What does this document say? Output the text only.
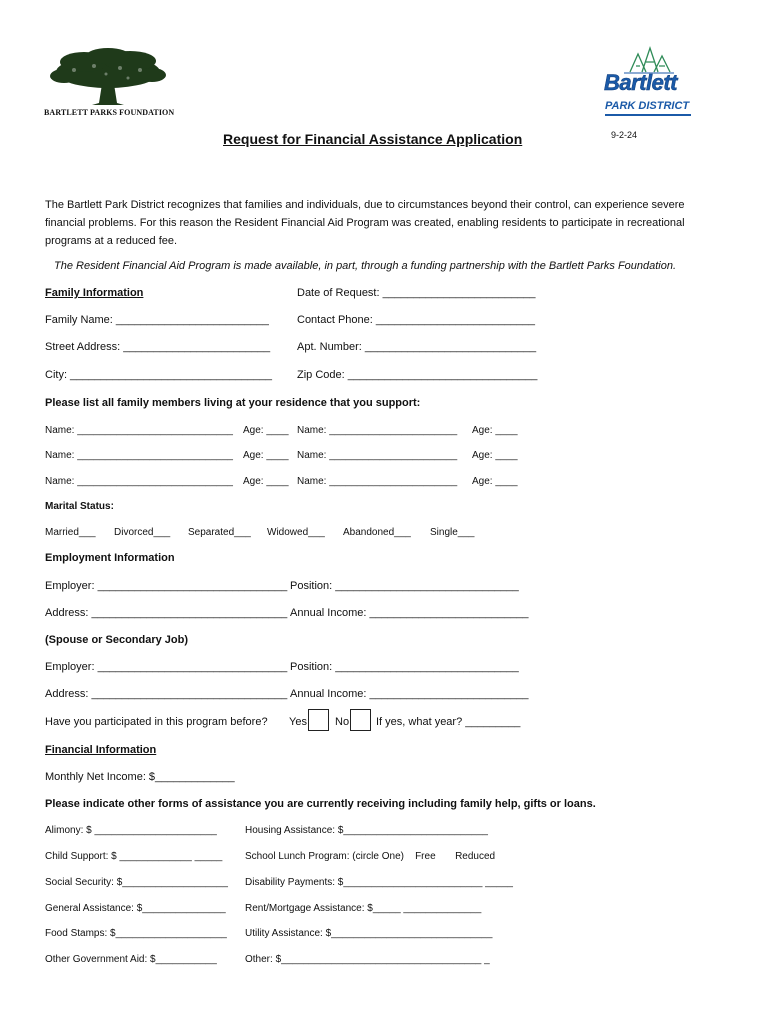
BARTLETT PARKS FOUNDATION
Bartlett
PARK DISTRICT
Request for Financial Assistance Application	9-2-24
The Bartlett Park District recognizes that families and individuals, due to circumstances beyond their control, can experience severe financial problems. For this reason the Resident Financial Aid Program was created, enabling residents to participate in recreational programs at a reduced fee.
The Resident Financial Aid Program is made available, in part, through a funding partnership with the Bartlett Parks Foundation.
Family Information	Date of Request: _________________________
Family Name: _________________________	Contact Phone: __________________________
Street Address: ________________________ Apt. Number: ____________________________
City: _________________________________ Zip Code: _______________________________
Please list all family members living at your residence that you support:
Name: ____________________________ Age: ____ Name: _______________________ Age: ____
Name: ____________________________ Age: ____ Name: _______________________ Age: ____
Name: ____________________________ Age: ____ Name: _______________________ Age: ____
Marital Status:
Married___ Divorced___ Separated___ Widowed___ Abandoned___ Single___
Employment Information
Employer: _______________________________ Position: ______________________________
Address: ________________________________ Annual Income: __________________________
(Spouse or Secondary Job)
Employer: _______________________________ Position: ______________________________
Address: ________________________________ Annual Income: __________________________
Have you participated in this program before? Yes	No If yes, what year? _________
Financial Information
Monthly Net Income: $_____________
Please indicate other forms of assistance you are currently receiving including family help, gifts or loans.
Alimony: $ ______________________	Housing Assistance: $__________________________
Child Support: $ _____________ _____ School Lunch Program: (circle One)    Free       Reduced
Social Security: $___________________ Disability Payments: $_________________________ _____
General Assistance: $_______________ Rent/Mortgage Assistance: $_____ ______________
Food Stamps: $____________________ Utility Assistance: $_____________________________
Other Government Aid: $___________	Other: $____________________________________ _
